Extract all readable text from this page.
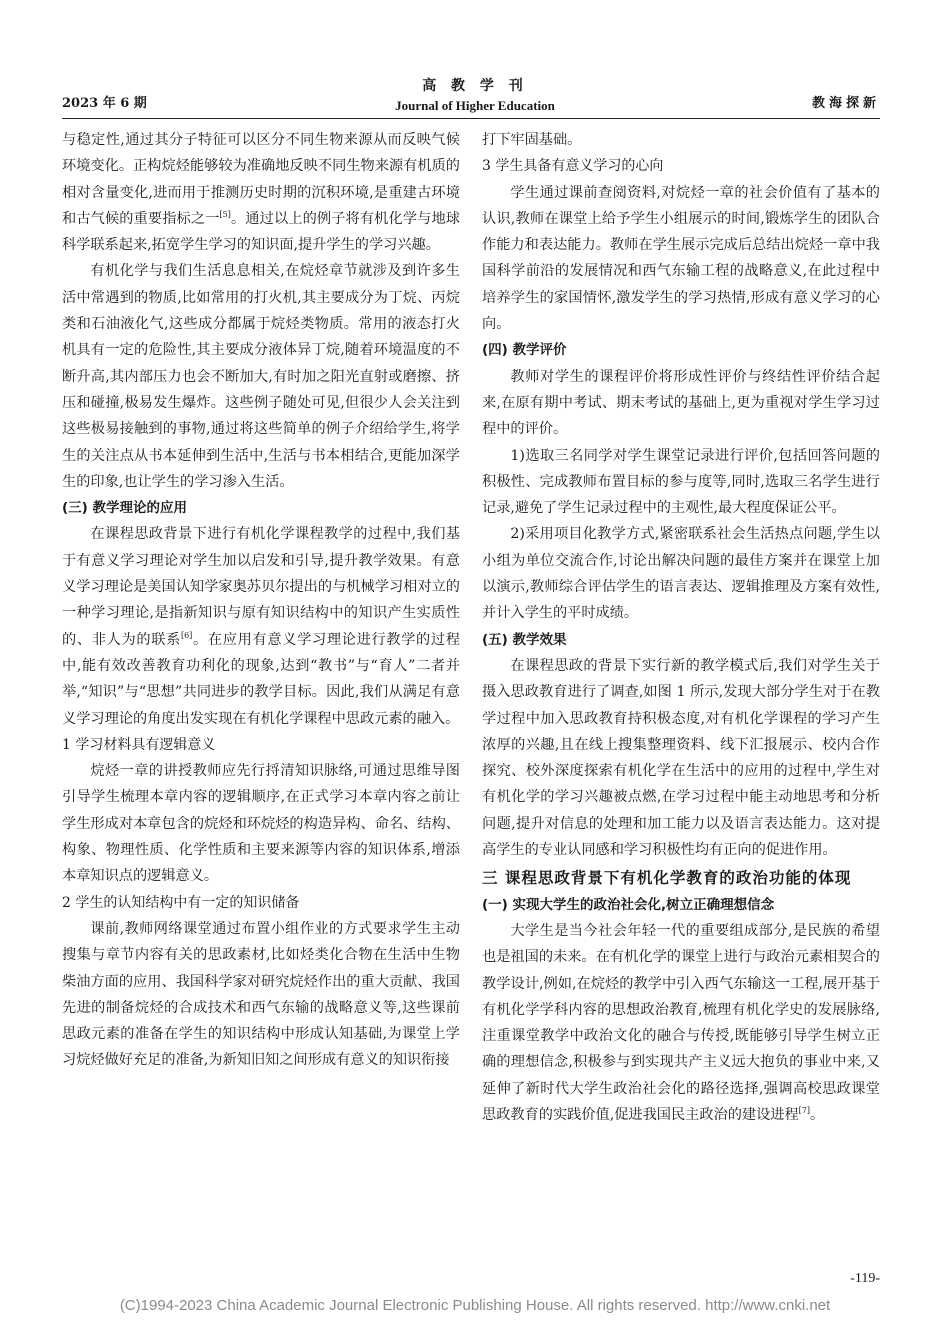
高 教 学 刊
Journal of Higher Education
2023 年 6 期	教海探新

与稳定性,通过其分子特征可以区分不同生物来源从而反映气候环境变化。正构烷烃能够较为准确地反映不同生物来源有机质的相对含量变化,进而用于推测历史时期的沉积环境,是重建古环境和古气候的重要指标之一[5]。通过以上的例子将有机化学与地球科学联系起来,拓宽学生学习的知识面,提升学生的学习兴趣。

有机化学与我们生活息息相关,在烷烃章节就涉及到许多生活中常遇到的物质,比如常用的打火机,其主要成分为丁烷、丙烷类和石油液化气,这些成分都属于烷烃类物质。常用的液态打火机具有一定的危险性,其主要成分液体异丁烷,随着环境温度的不断升高,其内部压力也会不断加大,有时加之阳光直射或磨擦、挤压和碰撞,极易发生爆炸。这些例子随处可见,但很少人会关注到这些极易接触到的事物,通过将这些简单的例子介绍给学生,将学生的关注点从书本延伸到生活中,生活与书本相结合,更能加深学生的印象,也让学生的学习渗入生活。

(三) 教学理论的应用

在课程思政背景下进行有机化学课程教学的过程中,我们基于有意义学习理论对学生加以启发和引导,提升教学效果。有意义学习理论是美国认知学家奥苏贝尔提出的与机械学习相对立的一种学习理论,是指新知识与原有知识结构中的知识产生实质性的、非人为的联系[6]。在应用有意义学习理论进行教学的过程中,能有效改善教育功利化的现象,达到“教书”与“育人”二者并举,“知识”与“思想”共同进步的教学目标。因此,我们从满足有意义学习理论的角度出发实现在有机化学课程中思政元素的融入。

1 学习材料具有逻辑意义

烷烃一章的讲授教师应先行捋清知识脉络,可通过思维导图引导学生梳理本章内容的逻辑顺序,在正式学习本章内容之前让学生形成对本章包含的烷烃和环烷烃的构造异构、命名、结构、构象、物理性质、化学性质和主要来源等内容的知识体系,增添本章知识点的逻辑意义。

2 学生的认知结构中有一定的知识储备

课前,教师网络课堂通过布置小组作业的方式要求学生主动搜集与章节内容有关的思政素材,比如烃类化合物在生活中生物柴油方面的应用、我国科学家对研究烷烃作出的重大贡献、我国先进的制备烷烃的合成技术和西气东输的战略意义等,这些课前思政元素的准备在学生的知识结构中形成认知基础,为课堂上学习烷烃做好充足的准备,为新知旧知之间形成有意义的知识衔接

打下牢固基础。

3 学生具备有意义学习的心向

学生通过课前查阅资料,对烷烃一章的社会价值有了基本的认识,教师在课堂上给予学生小组展示的时间,锻炼学生的团队合作能力和表达能力。教师在学生展示完成后总结出烷烃一章中我国科学前沿的发展情况和西气东输工程的战略意义,在此过程中培养学生的家国情怀,激发学生的学习热情,形成有意义学习的心向。

(四) 教学评价

教师对学生的课程评价将形成性评价与终结性评价结合起来,在原有期中考试、期末考试的基础上,更为重视对学生学习过程中的评价。

1)选取三名同学对学生课堂记录进行评价,包括回答问题的积极性、完成教师布置目标的参与度等,同时,选取三名学生进行记录,避免了学生记录过程中的主观性,最大程度保证公平。

2)采用项目化教学方式,紧密联系社会生活热点问题,学生以小组为单位交流合作,讨论出解决问题的最佳方案并在课堂上加以演示,教师综合评估学生的语言表达、逻辑推理及方案有效性,并计入学生的平时成绩。

(五) 教学效果

在课程思政的背景下实行新的教学模式后,我们对学生关于摄入思政教育进行了调查,如图 1 所示,发现大部分学生对于在教学过程中加入思政教育持积极态度,对有机化学课程的学习产生浓厚的兴趣,且在线上搜集整理资料、线下汇报展示、校内合作探究、校外深度探索有机化学在生活中的应用的过程中,学生对有机化学的学习兴趣被点燃,在学习过程中能主动地思考和分析问题,提升对信息的处理和加工能力以及语言表达能力。这对提高学生的专业认同感和学习积极性均有正向的促进作用。

三 课程思政背景下有机化学教育的政治功能的体现
(一) 实现大学生的政治社会化,树立正确理想信念

大学生是当今社会年轻一代的重要组成部分,是民族的希望也是祖国的未来。在有机化学的课堂上进行与政治元素相契合的教学设计,例如,在烷烃的教学中引入西气东输这一工程,展开基于有机化学学科内容的思想政治教育,梳理有机化学史的发展脉络,注重课堂教学中政治文化的融合与传授,既能够引导学生树立正确的理想信念,积极参与到实现共产主义远大抱负的事业中来,又延伸了新时代大学生政治社会化的路径选择,强调高校思政课堂思政教育的实践价值,促进我国民主政治的建设进程[7]。

-119-
(C)1994-2023 China Academic Journal Electronic Publishing House. All rights reserved. http://www.cnki.net
